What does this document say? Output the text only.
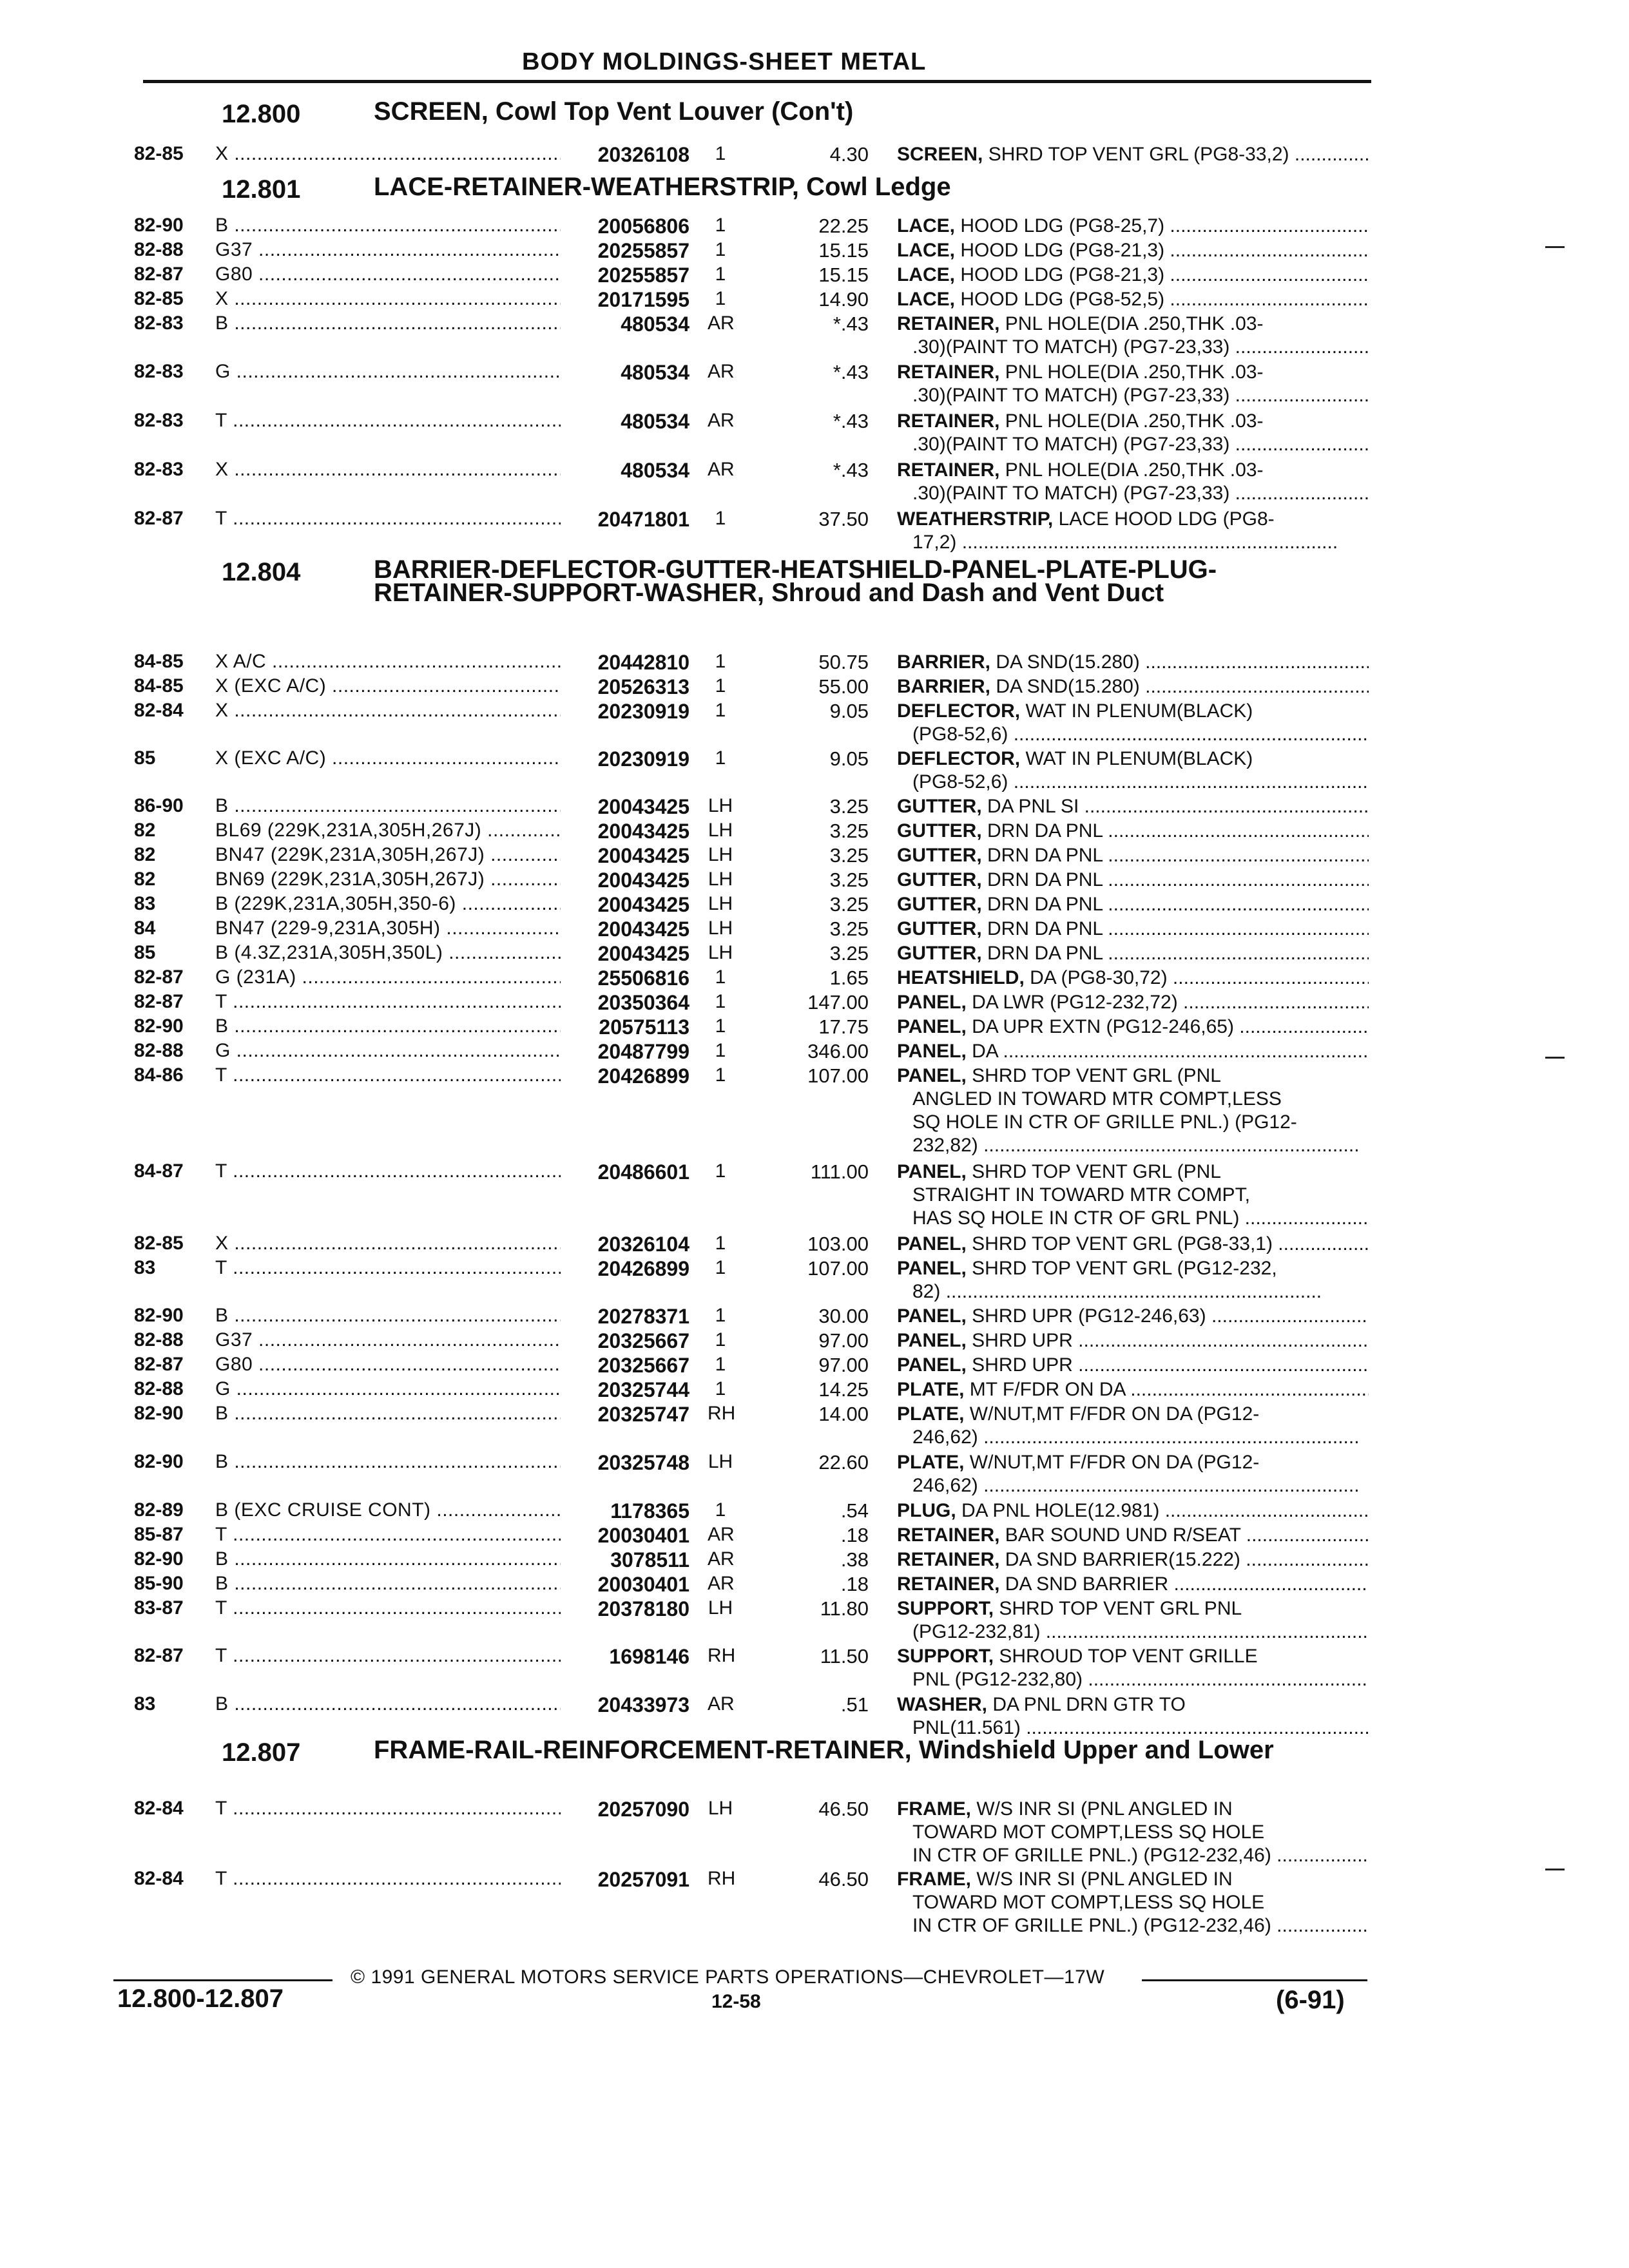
BODY MOLDINGS-SHEET METAL
12.800	SCREEN, Cowl Top Vent Louver (Con't)
12.801	LACE-RETAINER-WEATHERSTRIP, Cowl Ledge
12.804	BARRIER-DEFLECTOR-GUTTER-HEATSHIELD-PANEL-PLATE-PLUG-RETAINER-SUPPORT-WASHER, Shroud and Dash and Vent Duct
12.807	FRAME-RAIL-REINFORCEMENT-RETAINER, Windshield Upper and Lower
82-85 X .....	20326108	1	4.30 SCREEN, SHRD TOP VENT GRL (PG8-33,2) .....
82-90 B .....	20056806	1	22.25 LACE, HOOD LDG (PG8-25,7) .....
82-88 G37 .....	20255857	1	15.15 LACE, HOOD LDG (PG8-21,3) .....
82-87 G80 .....	20255857	1	15.15 LACE, HOOD LDG (PG8-21,3) .....
82-85 X .....	20171595	1	14.90 LACE, HOOD LDG (PG8-52,5) .....
82-83 B .....	480534 AR	*.43 RETAINER, PNL HOLE(DIA .250,THK .03-
.30)(PAINT TO MATCH) (PG7-23,33) .....
82-83 G .....	480534 AR	*.43 RETAINER, PNL HOLE(DIA .250,THK .03-
.30)(PAINT TO MATCH) (PG7-23,33) .....
82-83 T .....	480534 AR	*.43 RETAINER, PNL HOLE(DIA .250,THK .03-
.30)(PAINT TO MATCH) (PG7-23,33) .....
82-83 X .....	480534 AR	*.43 RETAINER, PNL HOLE(DIA .250,THK .03-
.30)(PAINT TO MATCH) (PG7-23,33) .....
82-87 T .....	20471801	1	37.50 WEATHERSTRIP, LACE HOOD LDG (PG8-
17,2) .....
84-85 X A/C .....	20442810	1	50.75 BARRIER, DA SND(15.280) .....
84-85 X (EXC A/C) .....	20526313	1	55.00 BARRIER, DA SND(15.280) .....
82-84 X .....	20230919	1	9.05 DEFLECTOR, WAT IN PLENUM(BLACK)
(PG8-52,6) .....
85	X (EXC A/C) .....	20230919	1	9.05 DEFLECTOR, WAT IN PLENUM(BLACK)
(PG8-52,6) .....
86-90 B .....	20043425 LH	3.25 GUTTER, DA PNL SI .....
82	BL69 (229K,231A,305H,267J) .....	20043425 LH	3.25 GUTTER, DRN DA PNL .....
82	BN47 (229K,231A,305H,267J) .....	20043425 LH	3.25 GUTTER, DRN DA PNL .....
82	BN69 (229K,231A,305H,267J) .....	20043425 LH	3.25 GUTTER, DRN DA PNL .....
83	B (229K,231A,305H,350-6) .....	20043425 LH	3.25 GUTTER, DRN DA PNL .....
84	BN47 (229-9,231A,305H) .....	20043425 LH	3.25 GUTTER, DRN DA PNL .....
85	B (4.3Z,231A,305H,350L) .....	20043425 LH	3.25 GUTTER, DRN DA PNL .....
82-87 G (231A) .....	25506816	1	1.65 HEATSHIELD, DA (PG8-30,72) .....
82-87 T .....	20350364	1	147.00 PANEL, DA LWR (PG12-232,72) .....
82-90 B .....	20575113	1	17.75 PANEL, DA UPR EXTN (PG12-246,65) .....
82-88 G .....	20487799	1	346.00 PANEL, DA .....
84-86 T .....	20426899	1	107.00 PANEL, SHRD TOP VENT GRL (PNL
ANGLED IN TOWARD MTR COMPT,LESS
SQ HOLE IN CTR OF GRILLE PNL.) (PG12-
232,82) .....
84-87 T .....	20486601	1	111.00 PANEL, SHRD TOP VENT GRL (PNL
STRAIGHT IN TOWARD MTR COMPT,
HAS SQ HOLE IN CTR OF GRL PNL) .....
82-85 X .....	20326104	1	103.00 PANEL, SHRD TOP VENT GRL (PG8-33,1) .....
83	T .....	20426899	1	107.00 PANEL, SHRD TOP VENT GRL (PG12-232,
82) .....
82-90 B .....	20278371	1	30.00 PANEL, SHRD UPR (PG12-246,63) .....
82-88 G37 .....	20325667	1	97.00 PANEL, SHRD UPR .....
82-87 G80 .....	20325667	1	97.00 PANEL, SHRD UPR .....
82-88 G .....	20325744	1	14.25 PLATE, MT F/FDR ON DA .....
82-90 B .....	20325747 RH	14.00 PLATE, W/NUT,MT F/FDR ON DA (PG12-
246,62) .....
82-90 B .....	20325748 LH	22.60 PLATE, W/NUT,MT F/FDR ON DA (PG12-
246,62) .....
82-89 B (EXC CRUISE CONT) .....	1178365	1	.54 PLUG, DA PNL HOLE(12.981) .....
85-87 T .....	20030401 AR	.18 RETAINER, BAR SOUND UND R/SEAT .....
82-90 B .....	3078511 AR	.38 RETAINER, DA SND BARRIER(15.222) .....
85-90 B .....	20030401 AR	.18 RETAINER, DA SND BARRIER .....
83-87 T .....	20378180 LH	11.80 SUPPORT, SHRD TOP VENT GRL PNL
(PG12-232,81) .....
82-87 T .....	1698146 RH	11.50 SUPPORT, SHROUD TOP VENT GRILLE
PNL (PG12-232,80) .....
83	B .....	20433973 AR	.51 WASHER, DA PNL DRN GTR TO
PNL(11.561) .....
82-84 T .....	20257090 LH	46.50 FRAME, W/S INR SI (PNL ANGLED IN
TOWARD MOT COMPT,LESS SQ HOLE
IN CTR OF GRILLE PNL.) (PG12-232,46) .....
82-84 T .....	20257091 RH	46.50 FRAME, W/S INR SI (PNL ANGLED IN
TOWARD MOT COMPT,LESS SQ HOLE
IN CTR OF GRILLE PNL.) (PG12-232,46) .....
© 1991 GENERAL MOTORS SERVICE PARTS OPERATIONS—CHEVROLET—17W
12.800-12.807	12-58	(6-91)
